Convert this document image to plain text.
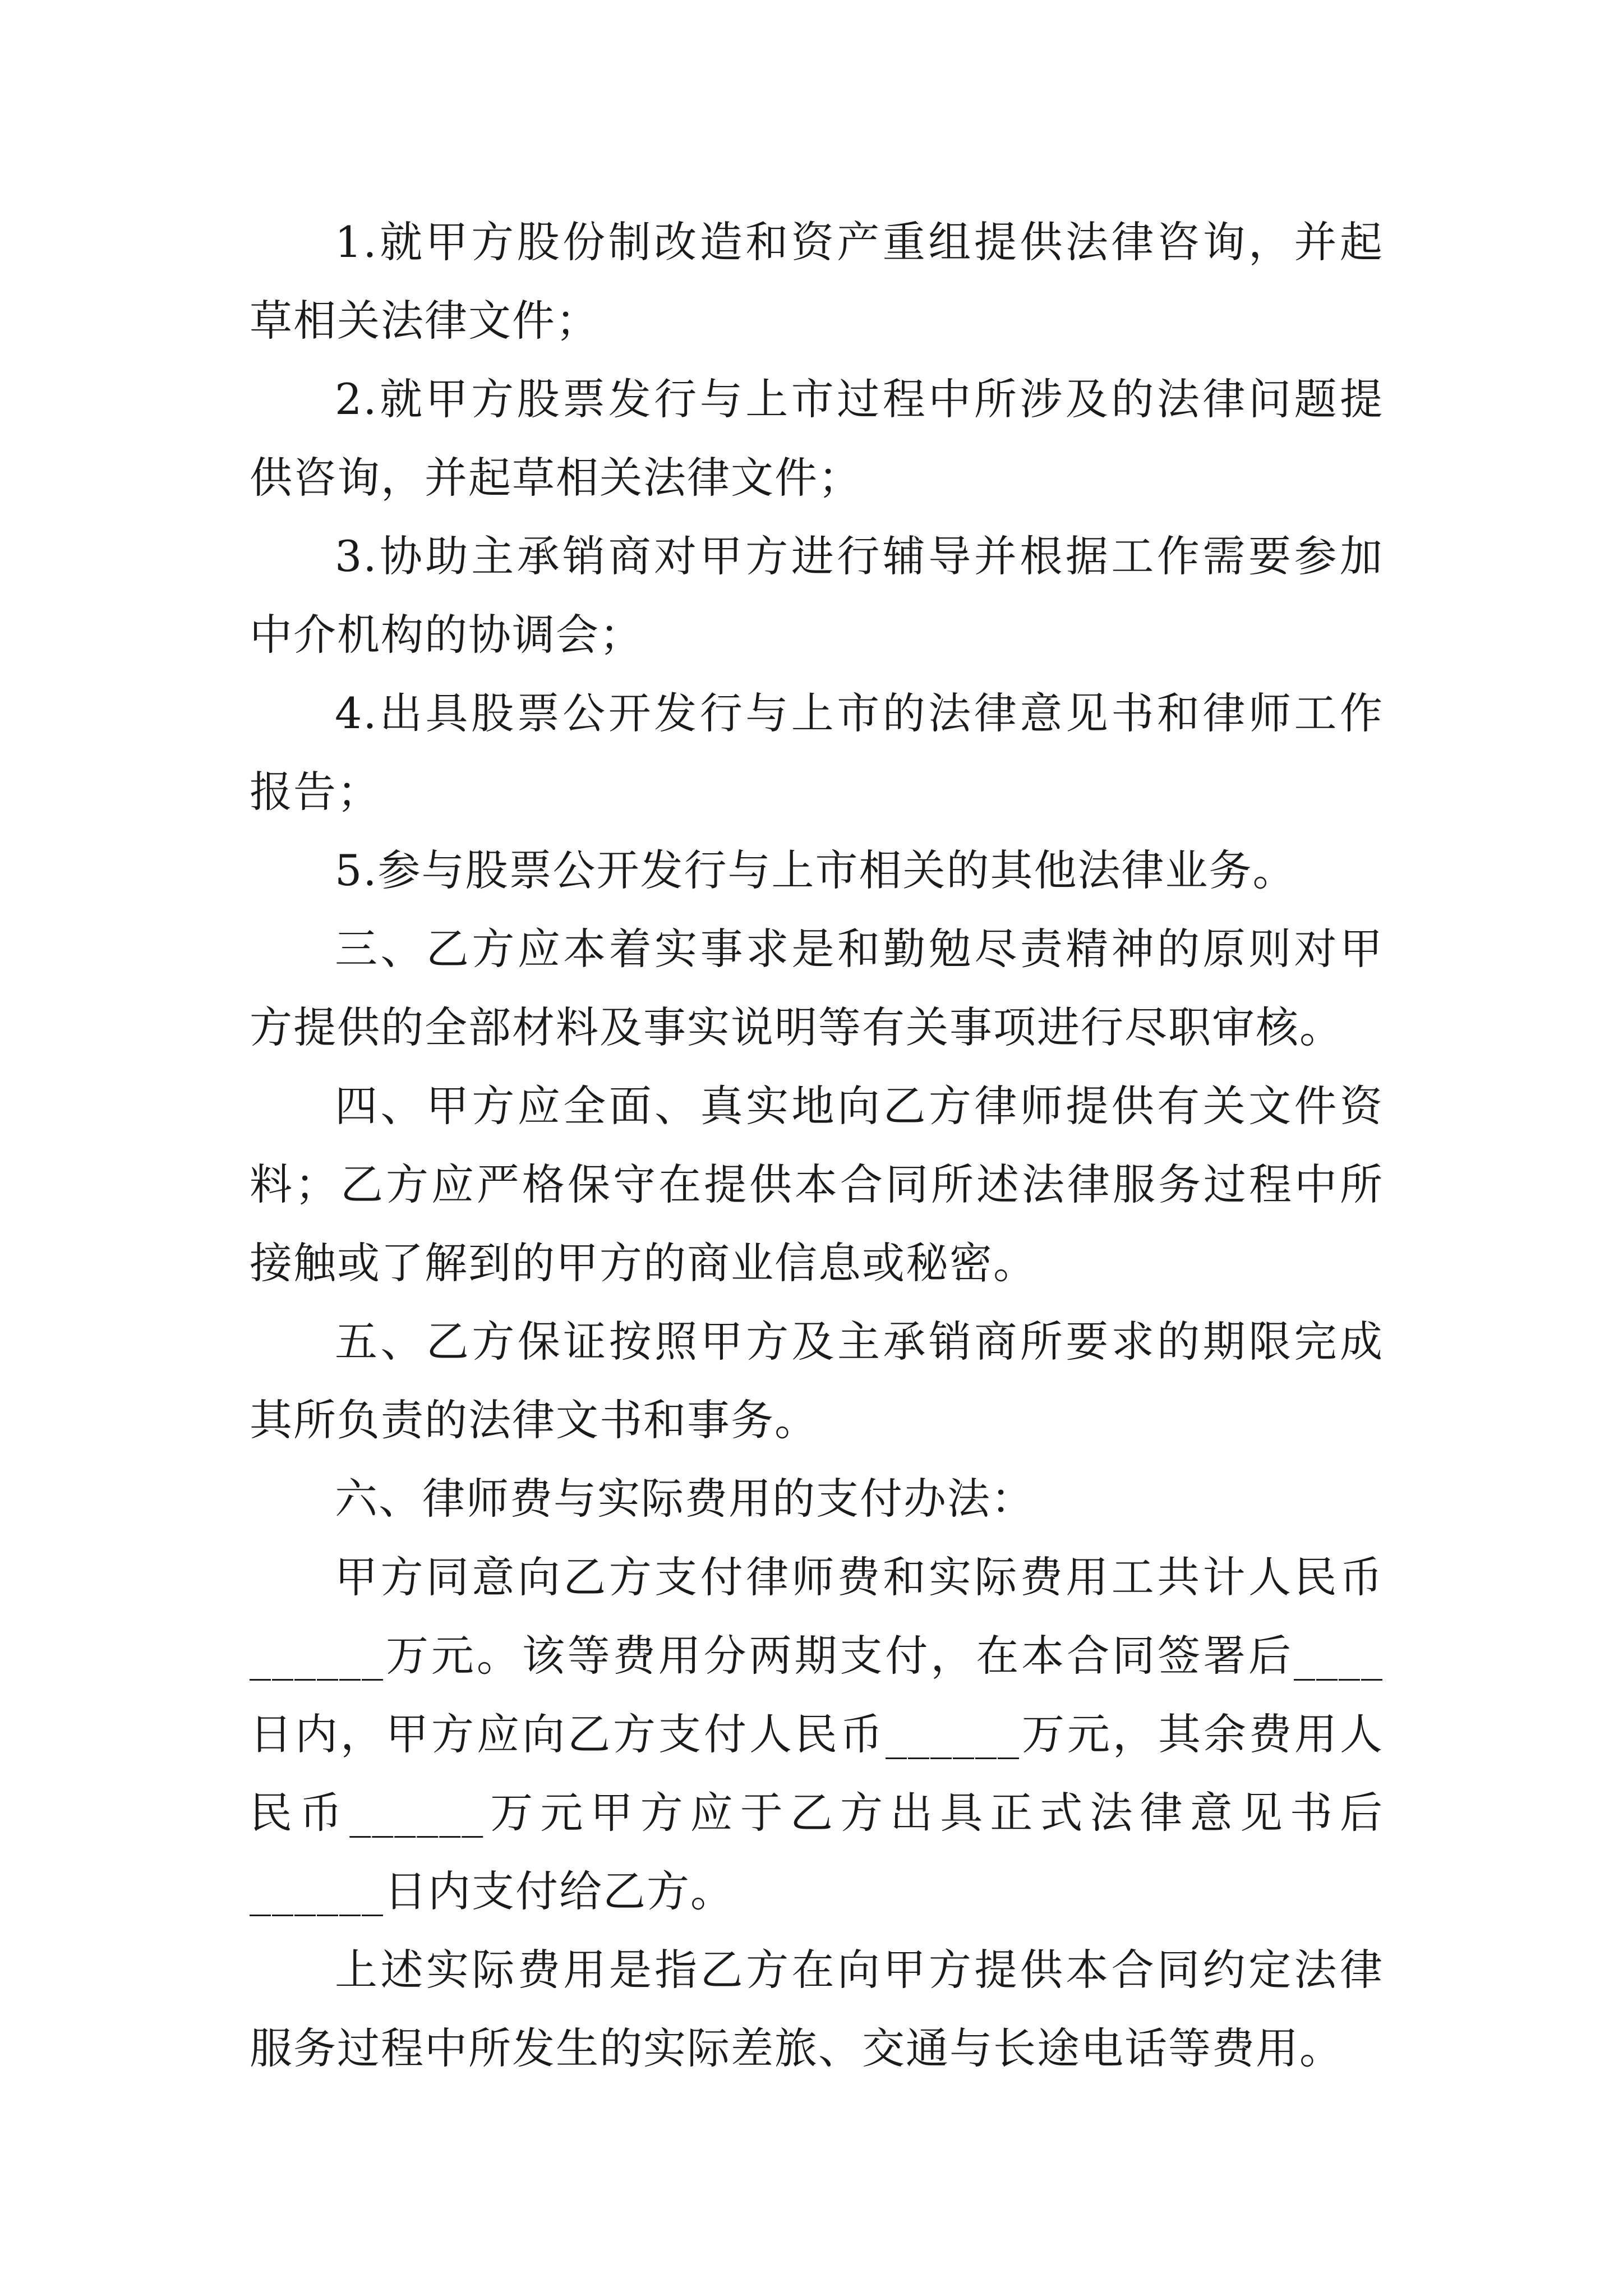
1.就甲方股份制改造和资产重组提供法律咨询，并起草相关法律文件；

2.就甲方股票发行与上市过程中所涉及的法律问题提供咨询，并起草相关法律文件；

3.协助主承销商对甲方进行辅导并根据工作需要参加中介机构的协调会；

4.出具股票公开发行与上市的法律意见书和律师工作报告；

5.参与股票公开发行与上市相关的其他法律业务。

三、乙方应本着实事求是和勤勉尽责精神的原则对甲方提供的全部材料及事实说明等有关事项进行尽职审核。

四、甲方应全面、真实地向乙方律师提供有关文件资料；乙方应严格保守在提供本合同所述法律服务过程中所接触或了解到的甲方的商业信息或秘密。

五、乙方保证按照甲方及主承销商所要求的期限完成其所负责的法律文书和事务。

六、律师费与实际费用的支付办法：

甲方同意向乙方支付律师费和实际费用工共计人民币______万元。该等费用分两期支付，在本合同签署后____日内，甲方应向乙方支付人民币______万元，其余费用人民币______万元甲方应于乙方出具正式法律意见书后______日内支付给乙方。

上述实际费用是指乙方在向甲方提供本合同约定法律服务过程中所发生的实际差旅、交通与长途电话等费用。
